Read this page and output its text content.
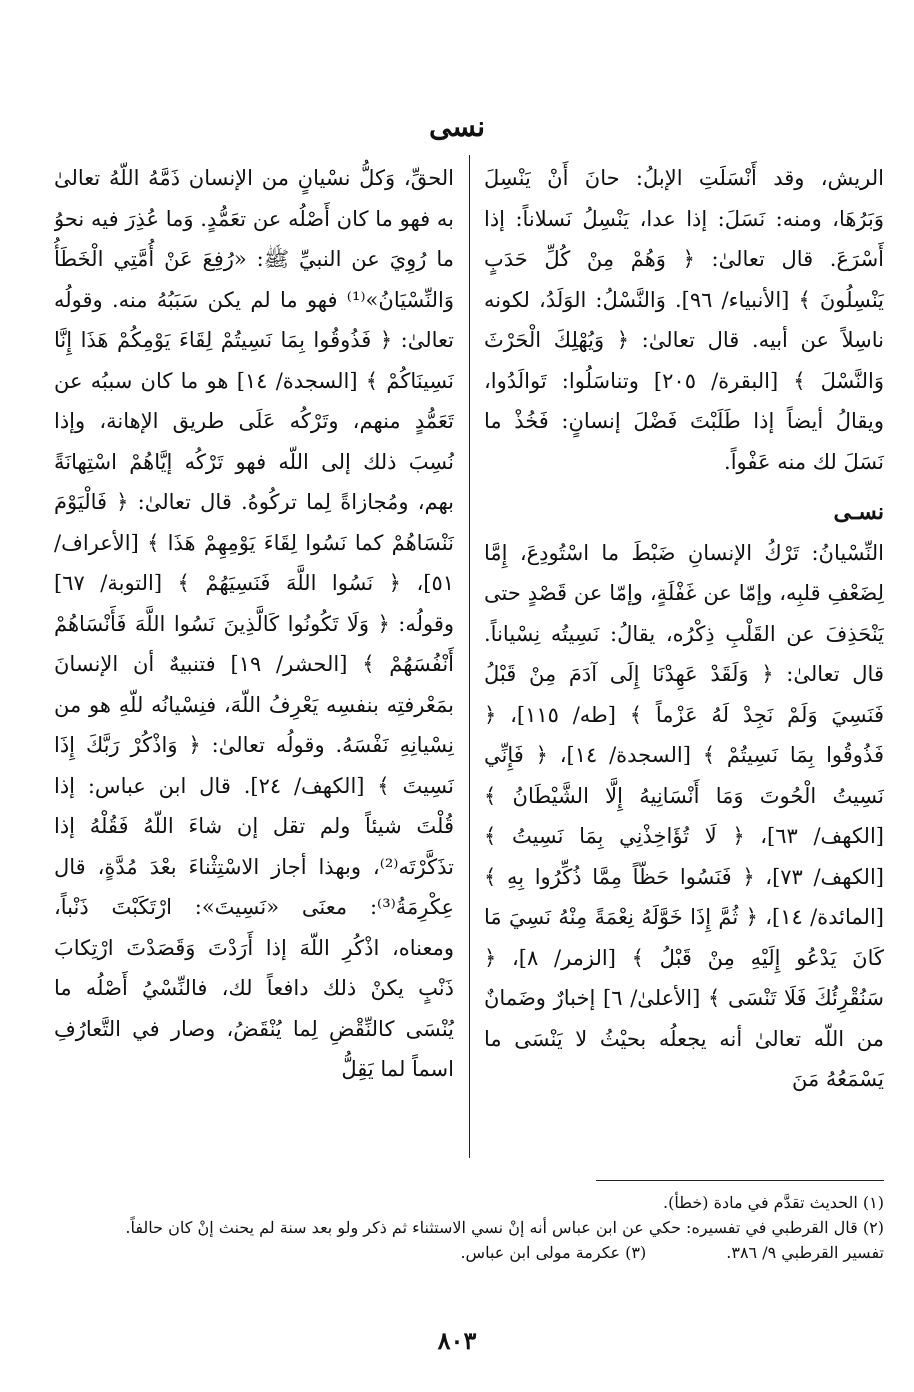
نسى

الريش، وقد أَنْسَلَتِ الإبلُ: حانَ أَنْ يَنْسِلَ وَبَرُهَا، ومنه: نَسَلَ: إذا عدا، يَنْسِلُ نَسلاناً: إذا أَسْرَعَ. قال تعالىٰ: ﴿ وَهُمْ مِنْ كُلِّ حَدَبٍ يَنْسِلُونَ ﴾ [الأنبياء/ ٩٦]. وَالنَّسْلُ: الوَلَدُ، لكونه ناسِلاً عن أبيه. قال تعالىٰ: ﴿ وَيُهْلِكَ الْحَرْثَ وَالنَّسْلَ ﴾ [البقرة/ ٢٠٥] وتناسَلُوا: تَوالَدُوا، ويقالُ أيضاً إذا طَلَبْتَ فَضْلَ إنسانٍ: فَخُذْ ما نَسَلَ لك منه عَفْواً.

نسـى

النِّسْيانُ: تَرْكُ الإنسانِ ضَبْطَ ما اسْتُودِعَ، إِمَّا لِضَعْفِ قلبِه، وإمّا عن غَفْلَةٍ، وإمّا عن قَصْدٍ حتى يَنْحَذِفَ عن القَلْبِ ذِكْرُه، يقالُ: نَسِيتُه نِسْياناً. قال تعالىٰ: ﴿ وَلَقَدْ عَهِدْنَا إِلَى آدَمَ مِنْ قَبْلُ فَنَسِيَ وَلَمْ نَجِدْ لَهُ عَزْماً ﴾ [طه/ ١١٥]، ﴿ فَذُوقُوا بِمَا نَسِيتُمْ ﴾ [السجدة/ ١٤]، ﴿ فَإِنِّي نَسِيتُ الْحُوتَ وَمَا أَنْسَانِيهُ إِلَّا الشَّيْطَانُ ﴾ [الكهف/ ٦٣]، ﴿ لَا تُؤَاخِذْنِي بِمَا نَسِيتُ ﴾ [الكهف/ ٧٣]، ﴿ فَنَسُوا حَظّاً مِمَّا ذُكِّرُوا بِهِ ﴾ [المائدة/ ١٤]، ﴿ ثُمَّ إِذَا خَوَّلَهُ نِعْمَةً مِنْهُ نَسِيَ مَا كَانَ يَدْعُو إِلَيْهِ مِنْ قَبْلُ ﴾ [الزمر/ ٨]، ﴿ سَنُقْرِئُكَ فَلَا تَنْسَى ﴾ [الأعلىٰ/ ٦] إخبارٌ وضَمانٌ من اللّه تعالىٰ أنه يجعلُه بحيْثُ لا يَنْسَى ما يَسْمَعُهُ مَنَ

الحقِّ، وَكلُّ نسْيانٍ من الإنسان ذَمَّهُ اللّهُ تعالىٰ به فهو ما كان أَصْلُه عن تعَمُّدٍ. وَما عُذِرَ فيه نحوُ ما رُوِيَ عن النبيِّ ﷺ: «رُفِعَ عَنْ أُمَّتِي الْخَطَأُ وَالنِّسْيَانُ»⁽¹⁾ فهو ما لم يكن سَبَبُهُ منه. وقولُه تعالىٰ: ﴿ فَذُوقُوا بِمَا نَسِيتُمْ لِقَاءَ يَوْمِكُمْ هَذَا إِنَّا نَسِينَاكُمْ ﴾ [السجدة/ ١٤] هو ما كان سببُه عن تَعَمُّدٍ منهم، وتَرْكُه عَلَى طريق الإهانة، وإذا نُسِبَ ذلك إلى اللّه فهو تَرْكُه إيَّاهُمْ اسْتِهانَةً بهم، ومُجازاةً لِما تركُوهُ. قال تعالىٰ: ﴿ فَالْيَوْمَ نَنْسَاهُمْ كما نَسُوا لِقَاءَ يَوْمِهِمْ هَذَا ﴾ [الأعراف/ ٥١]، ﴿ نَسُوا اللَّهَ فَنَسِيَهُمْ ﴾ [التوبة/ ٦٧] وقولُه: ﴿ وَلَا تَكُونُوا كَالَّذِينَ نَسُوا اللَّهَ فَأَنْسَاهُمْ أَنْفُسَهُمْ ﴾ [الحشر/ ١٩] فتنبيهٌ أن الإنسانَ بمَعْرفتِه بنفسِه يَعْرِفُ اللّهَ، فنِسْيانُه للّهِ هو من نِسْيانِهِ نَفْسَهُ. وقولُه تعالىٰ: ﴿ وَاذْكُرْ رَبَّكَ إِذَا نَسِيتَ ﴾ [الكهف/ ٢٤]. قال ابن عباس: إذا قُلْتَ شيئاً ولم تقل إن شاءَ اللّهُ فَقُلْهُ إذا تذَكَّرْتَه⁽²⁾، وبهذا أجاز الاسْتِثْناءَ بعْدَ مُدَّةٍ، قال عِكْرِمَةُ⁽³⁾: معنَى «نَسِيتَ»: ارْتَكَبْتَ ذَنْباً، ومعناه، اذْكُرِ اللّهَ إذا أَرَدْتَ وَقَصَدْتَ ارْتِكابَ ذَنْبٍ يكنْ ذلك دافعاً لك، فالنِّسْيُ أَصْلُه ما يُنْسَى كالنِّقْضِ لِما يُنْقَضُ، وصار في التَّعارُفِ اسماً لما يَقِلُّ

(١) الحديث تقدَّم في مادة (خطأ).
(٢) قال القرطبي في تفسيره: حكي عن ابن عباس أنه إنْ نسي الاستثناء ثم ذكر ولو بعد سنة لم يحنث إنْ كان حالفاً.
تفسير القرطبي ٩/ ٣٨٦.
(٣) عكرمة مولى ابن عباس.
٨٠٣
